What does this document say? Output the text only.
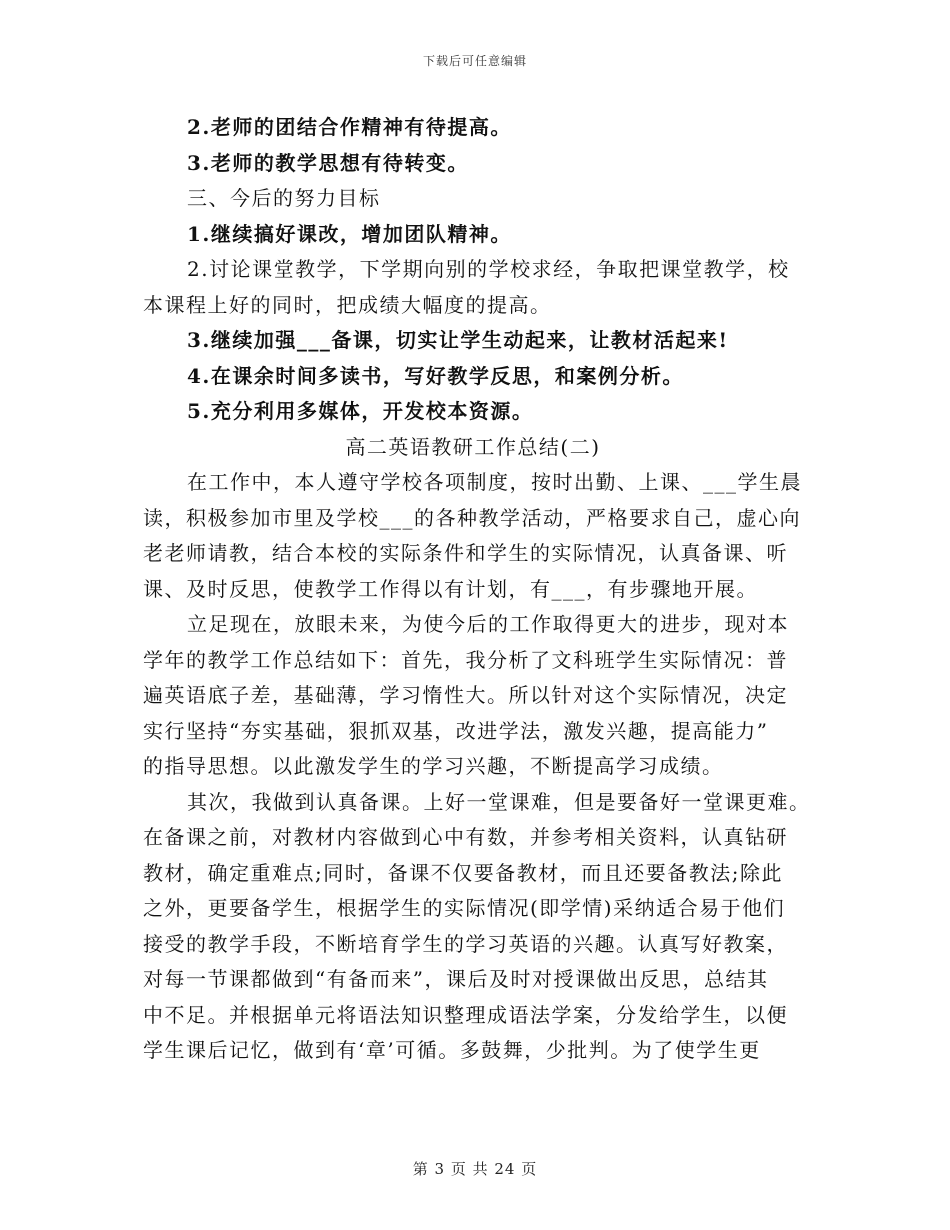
下载后可任意编辑
2.老师的团结合作精神有待提高。
3.老师的教学思想有待转变。
三、今后的努力目标
1.继续搞好课改，增加团队精神。
2.讨论课堂教学，下学期向别的学校求经，争取把课堂教学，校
本课程上好的同时，把成绩大幅度的提高。
3.继续加强___备课，切实让学生动起来，让教材活起来!
4.在课余时间多读书，写好教学反思，和案例分析。
5.充分利用多媒体，开发校本资源。
高二英语教研工作总结(二)
在工作中，本人遵守学校各项制度，按时出勤、上课、___学生晨
读，积极参加市里及学校___的各种教学活动，严格要求自己，虚心向
老老师请教，结合本校的实际条件和学生的实际情况，认真备课、听
课、及时反思，使教学工作得以有计划，有___，有步骤地开展。
立足现在，放眼未来，为使今后的工作取得更大的进步，现对本
学年的教学工作总结如下：首先，我分析了文科班学生实际情况：普
遍英语底子差，基础薄，学习惰性大。所以针对这个实际情况，决定
实行坚持“夯实基础，狠抓双基，改进学法，激发兴趣，提高能力”
的指导思想。以此激发学生的学习兴趣，不断提高学习成绩。
其次，我做到认真备课。上好一堂课难，但是要备好一堂课更难。
在备课之前，对教材内容做到心中有数，并参考相关资料，认真钻研
教材，确定重难点;同时，备课不仅要备教材，而且还要备教法;除此
之外，更要备学生，根据学生的实际情况(即学情)采纳适合易于他们
接受的教学手段，不断培育学生的学习英语的兴趣。认真写好教案，
对每一节课都做到“有备而来”，课后及时对授课做出反思，总结其
中不足。并根据单元将语法知识整理成语法学案，分发给学生，以便
学生课后记忆，做到有‘章’可循。多鼓舞，少批判。为了使学生更
第 3 页 共 24 页
